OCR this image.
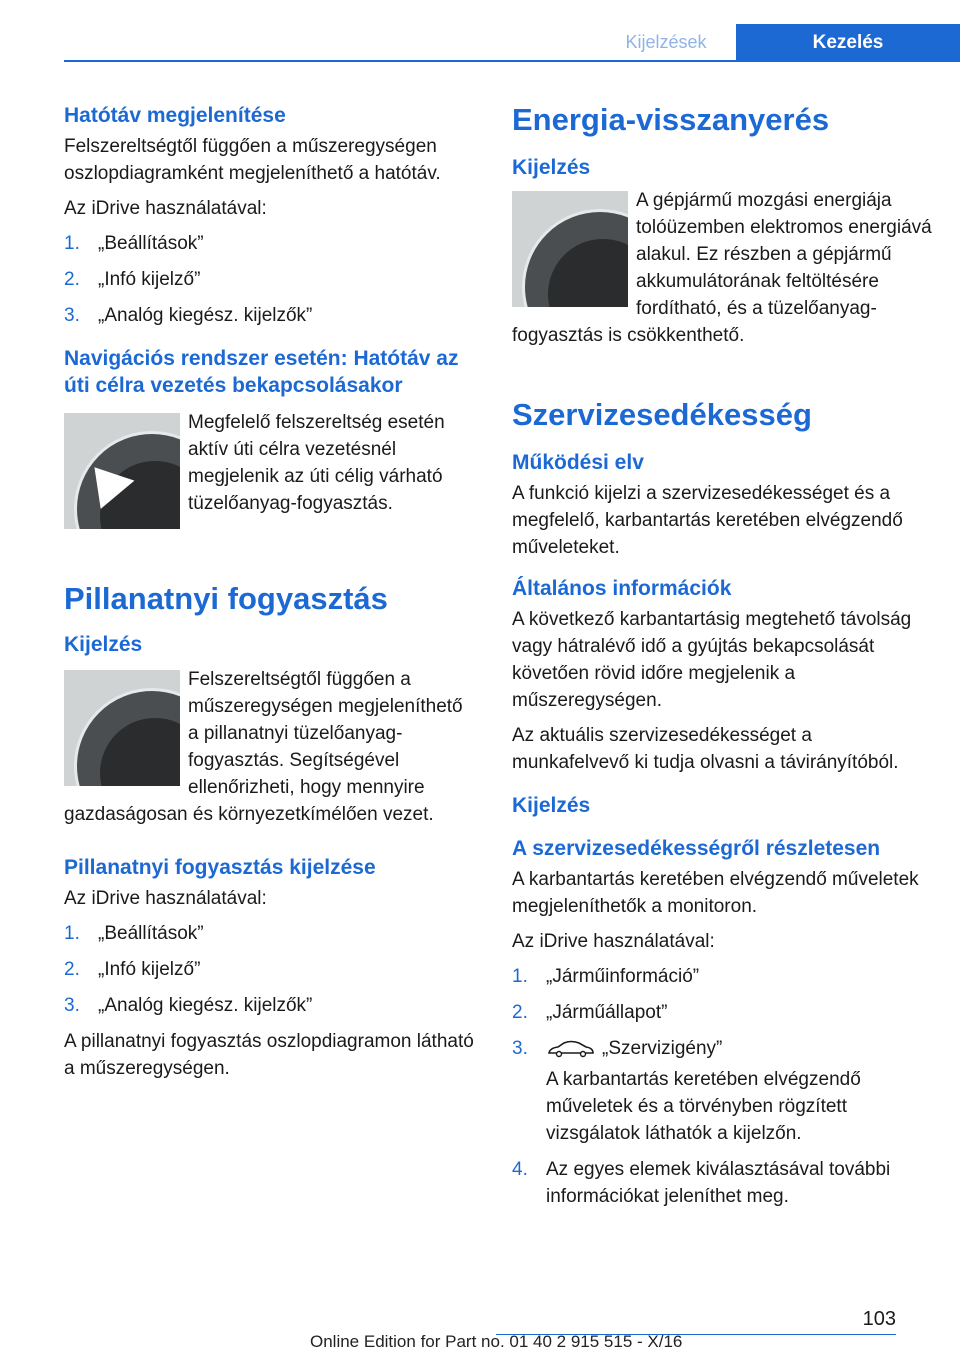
Kijelzések	Kezelés
Hatótáv megjelenítése

Felszereltségtől függően a műszeregységen oszlopdiagramként megjeleníthető a hatótáv.

Az iDrive használatával:

1. „Beállítások”
2. „Infó kijelző”
3. „Analóg kiegész. kijelzők”
Navigációs rendszer esetén: Hatótáv az úti célra vezetés bekapcsolásakor

Megfelelő felszereltség esetén aktív úti célra vezetésnél megjelenik az úti célig várható tüzelőanyag-fogyasztás.

Pillanatnyi fogyasztás
Kijelzés

Felszereltségtől függően a műszeregységen megjeleníthető a pillanatnyi tüzelőanyag-fogyasztás. Segítségével ellenőrizheti, hogy mennyire gazdaságosan és környezetkímélően vezet.

Pillanatnyi fogyasztás kijelzése

Az iDrive használatával:

1. „Beállítások”
2. „Infó kijelző”
3. „Analóg kiegész. kijelzők”

A pillanatnyi fogyasztás oszlopdiagramon látható a műszeregységen.

Energia-visszanyerés
Kijelzés

A gépjármű mozgási energiája tolóüzemben elektromos energiává alakul. Ez részben a gépjármű akkumulátorának feltöltésére fordítható, és a tüzelőanyag-fogyasztás is csökkenthető.

Szervizesedékesség
Működési elv

A funkció kijelzi a szervizesedékességet és a megfelelő, karbantartás keretében elvégzendő műveleteket.

Általános információk

A következő karbantartásig megtehető távolság vagy hátralévő idő a gyújtás bekapcsolását követően rövid időre megjelenik a műszeregységen.

Az aktuális szervizesedékességet a munkafelvevő ki tudja olvasni a távirányítóból.

Kijelzés
A szervizesedékességről részletesen

A karbantartás keretében elvégzendő műveletek megjeleníthetők a monitoron.

Az iDrive használatával:

1. „Járműinformáció”
2. „Járműállapot”
3.	„Szervizigény”
A karbantartás keretében elvégzendő műveletek és a törvényben rögzített vizsgálatok láthatók a kijelzőn.
4. Az egyes elemek kiválasztásával további információkat jeleníthet meg.
103
Online Edition for Part no. 01 40 2 915 515 - X/16
